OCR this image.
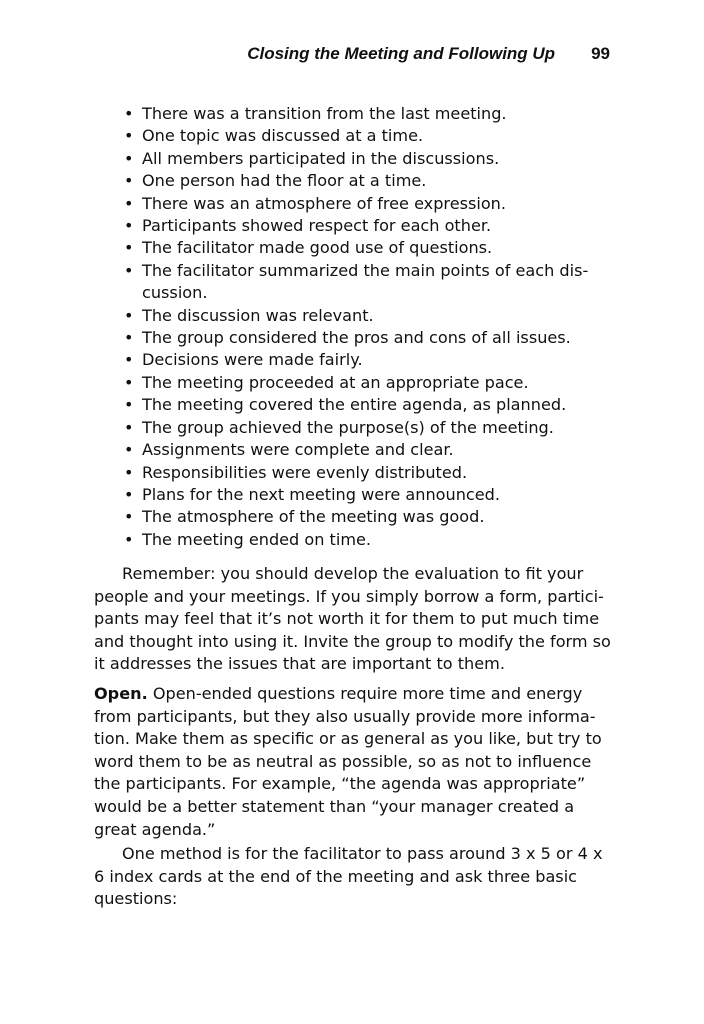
Closing the Meeting and Following Up 99
• There was a transition from the last meeting.
• One topic was discussed at a time.
• All members participated in the discussions.
• One person had the floor at a time.
• There was an atmosphere of free expression.
• Participants showed respect for each other.
• The facilitator made good use of questions.
• The facilitator summarized the main points of each dis- cussion.
• The discussion was relevant.
• The group considered the pros and cons of all issues.
• Decisions were made fairly.
• The meeting proceeded at an appropriate pace.
• The meeting covered the entire agenda, as planned.
• The group achieved the purpose(s) of the meeting.
• Assignments were complete and clear.
• Responsibilities were evenly distributed.
• Plans for the next meeting were announced.
• The atmosphere of the meeting was good.
• The meeting ended on time.

Remember: you should develop the evaluation to fit your people and your meetings. If you simply borrow a form, partici- pants may feel that it’s not worth it for them to put much time and thought into using it. Invite the group to modify the form so it addresses the issues that are important to them.

Open. Open-ended questions require more time and energy from participants, but they also usually provide more informa- tion. Make them as specific or as general as you like, but try to word them to be as neutral as possible, so as not to influence the participants. For example, “the agenda was appropriate” would be a better statement than “your manager created a great agenda.”

One method is for the facilitator to pass around 3 x 5 or 4 x 6 index cards at the end of the meeting and ask three basic questions:
